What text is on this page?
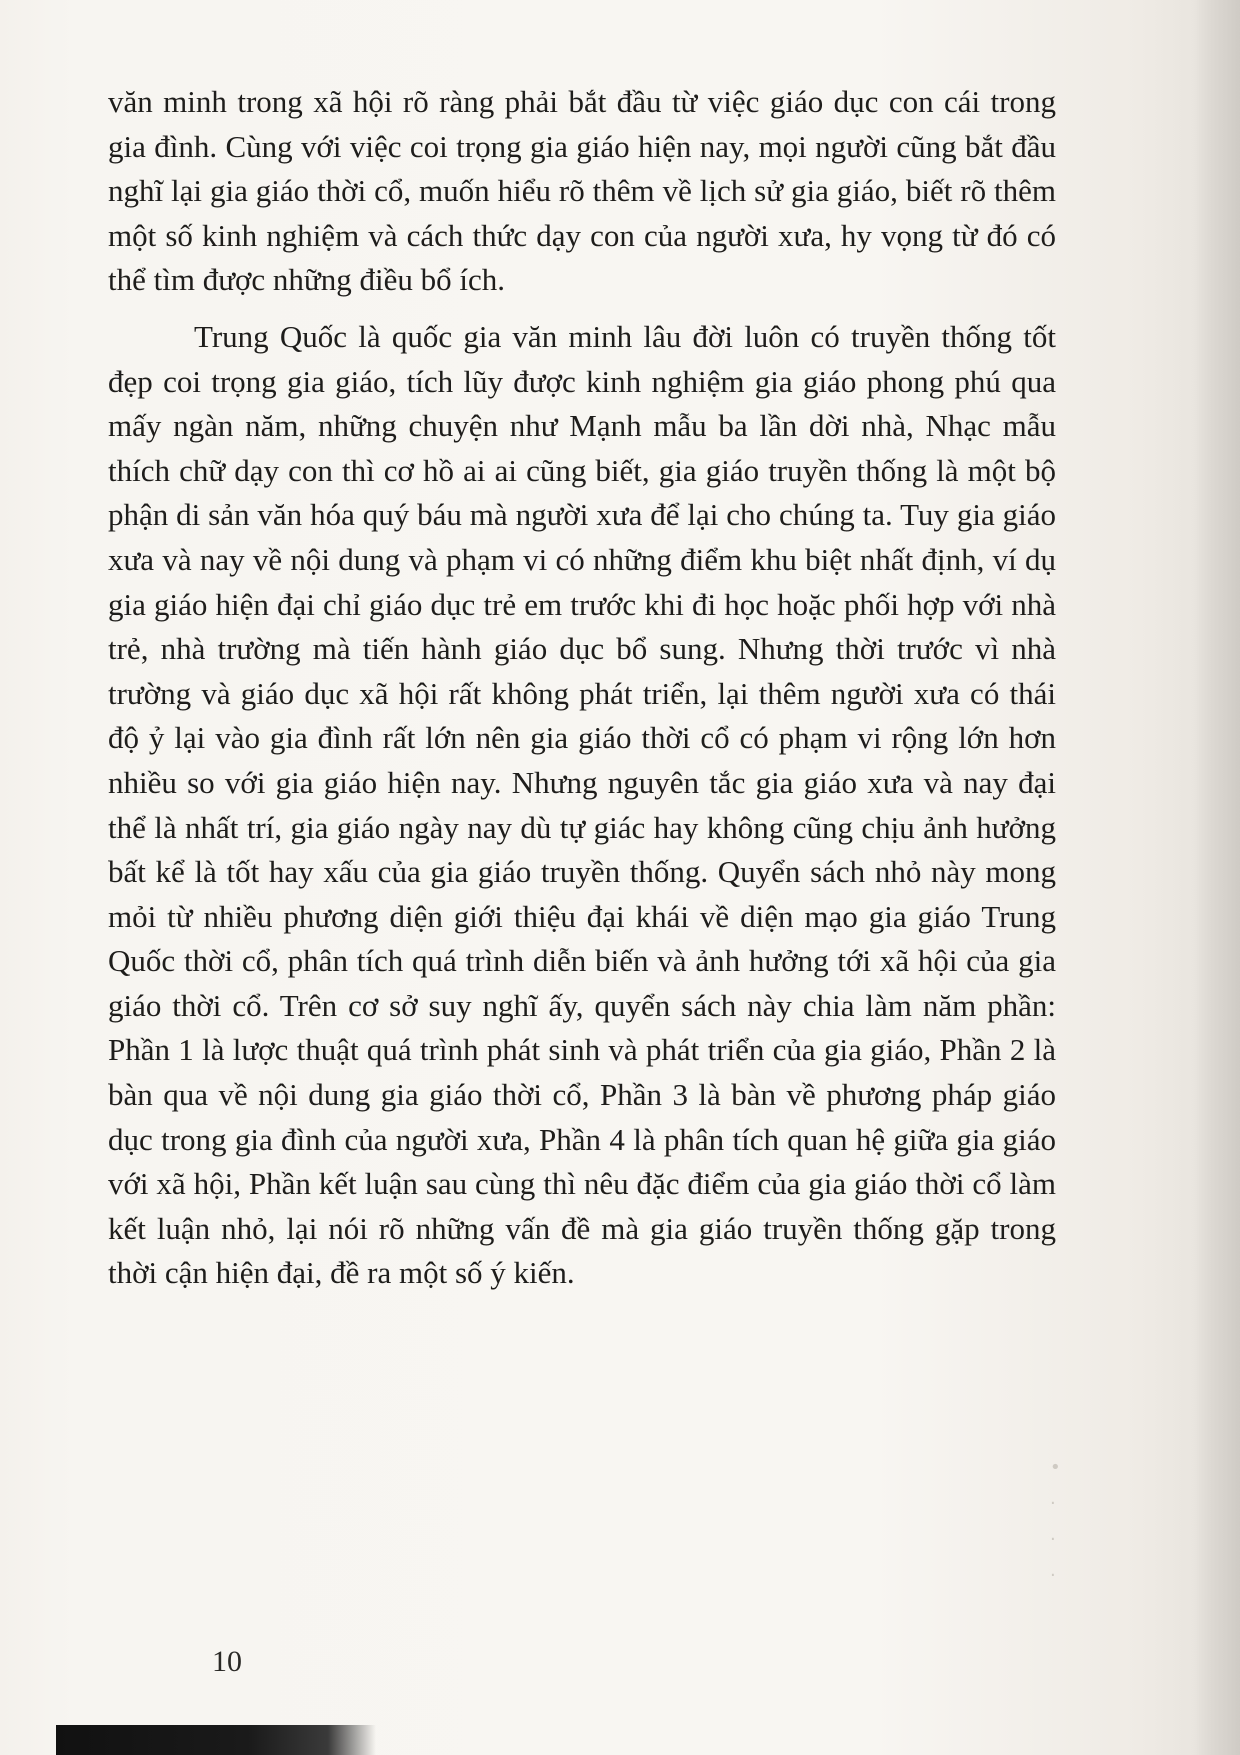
văn minh trong xã hội rõ ràng phải bắt đầu từ việc giáo dục con cái trong gia đình. Cùng với việc coi trọng gia giáo hiện nay, mọi người cũng bắt đầu nghĩ lại gia giáo thời cổ, muốn hiểu rõ thêm về lịch sử gia giáo, biết rõ thêm một số kinh nghiệm và cách thức dạy con của người xưa, hy vọng từ đó có thể tìm được những điều bổ ích.

Trung Quốc là quốc gia văn minh lâu đời luôn có truyền thống tốt đẹp coi trọng gia giáo, tích lũy được kinh nghiệm gia giáo phong phú qua mấy ngàn năm, những chuyện như Mạnh mẫu ba lần dời nhà, Nhạc mẫu thích chữ dạy con thì cơ hồ ai ai cũng biết, gia giáo truyền thống là một bộ phận di sản văn hóa quý báu mà người xưa để lại cho chúng ta. Tuy gia giáo xưa và nay về nội dung và phạm vi có những điểm khu biệt nhất định, ví dụ gia giáo hiện đại chỉ giáo dục trẻ em trước khi đi học hoặc phối hợp với nhà trẻ, nhà trường mà tiến hành giáo dục bổ sung. Nhưng thời trước vì nhà trường và giáo dục xã hội rất không phát triển, lại thêm người xưa có thái độ ỷ lại vào gia đình rất lớn nên gia giáo thời cổ có phạm vi rộng lớn hơn nhiều so với gia giáo hiện nay. Nhưng nguyên tắc gia giáo xưa và nay đại thể là nhất trí, gia giáo ngày nay dù tự giác hay không cũng chịu ảnh hưởng bất kể là tốt hay xấu của gia giáo truyền thống. Quyển sách nhỏ này mong mỏi từ nhiều phương diện giới thiệu đại khái về diện mạo gia giáo Trung Quốc thời cổ, phân tích quá trình diễn biến và ảnh hưởng tới xã hội của gia giáo thời cổ. Trên cơ sở suy nghĩ ấy, quyển sách này chia làm năm phần: Phần 1 là lược thuật quá trình phát sinh và phát triển của gia giáo, Phần 2 là bàn qua về nội dung gia giáo thời cổ, Phần 3 là bàn về phương pháp giáo dục trong gia đình của người xưa, Phần 4 là phân tích quan hệ giữa gia giáo với xã hội, Phần kết luận sau cùng thì nêu đặc điểm của gia giáo thời cổ làm kết luận nhỏ, lại nói rõ những vấn đề mà gia giáo truyền thống gặp trong thời cận hiện đại, đề ra một số ý kiến.

•
·
·
·
10
